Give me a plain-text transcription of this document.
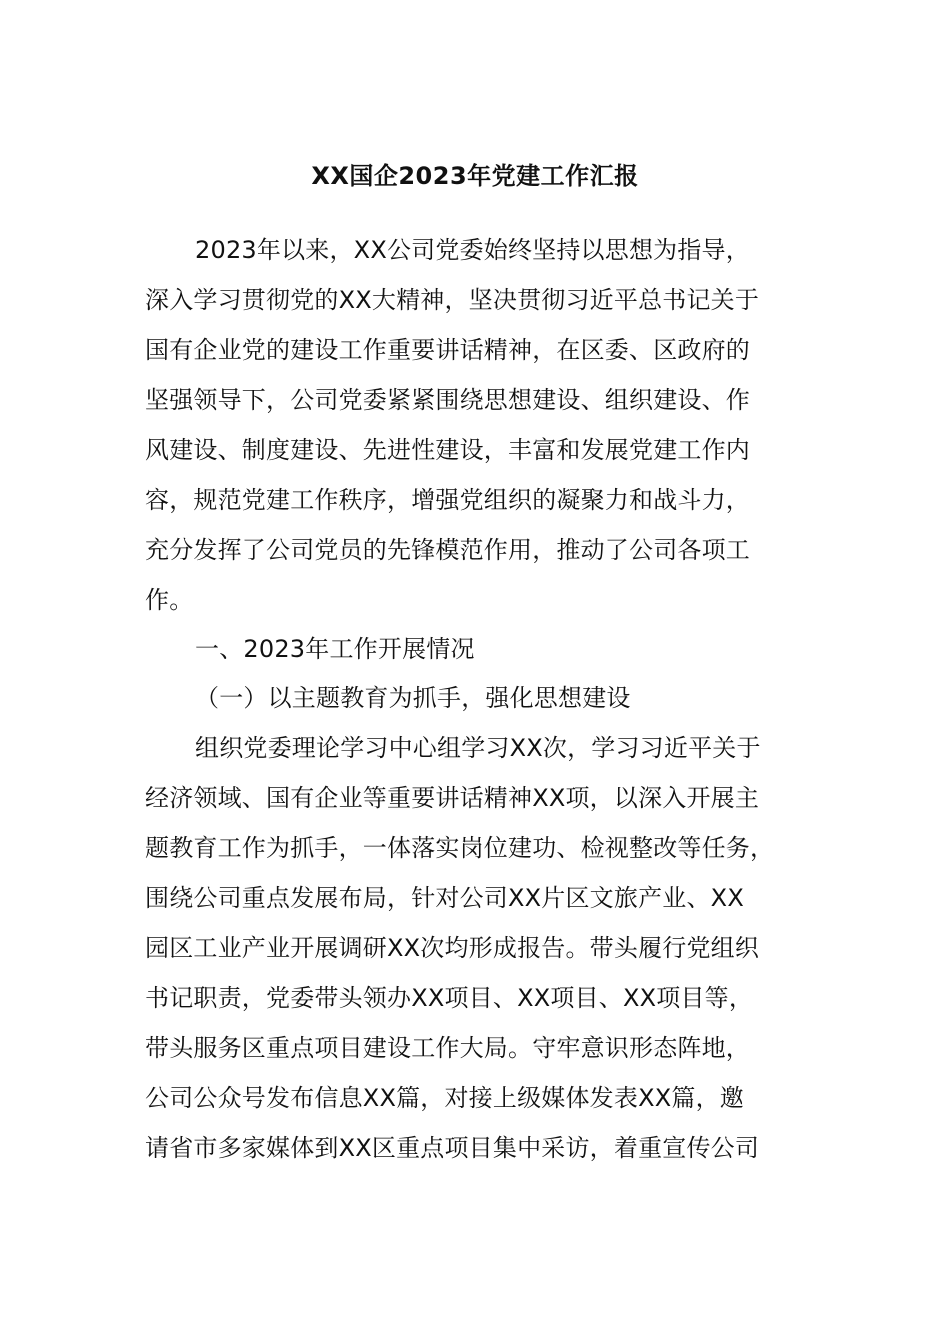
XX国企2023年党建工作汇报
2023年以来，XX公司党委始终坚持以思想为指导，
深入学习贯彻党的XX大精神，坚决贯彻习近平总书记关于
国有企业党的建设工作重要讲话精神，在区委、区政府的
坚强领导下，公司党委紧紧围绕思想建设、组织建设、作
风建设、制度建设、先进性建设，丰富和发展党建工作内
容，规范党建工作秩序，增强党组织的凝聚力和战斗力，
充分发挥了公司党员的先锋模范作用，推动了公司各项工
作。
一、2023年工作开展情况
（一）以主题教育为抓手，强化思想建设
组织党委理论学习中心组学习XX次，学习习近平关于
经济领域、国有企业等重要讲话精神XX项，以深入开展主
题教育工作为抓手，一体落实岗位建功、检视整改等任务，
围绕公司重点发展布局，针对公司XX片区文旅产业、XX
园区工业产业开展调研XX次均形成报告。带头履行党组织
书记职责，党委带头领办XX项目、XX项目、XX项目等，
带头服务区重点项目建设工作大局。守牢意识形态阵地，
公司公众号发布信息XX篇，对接上级媒体发表XX篇，邀
请省市多家媒体到XX区重点项目集中采访，着重宣传公司
